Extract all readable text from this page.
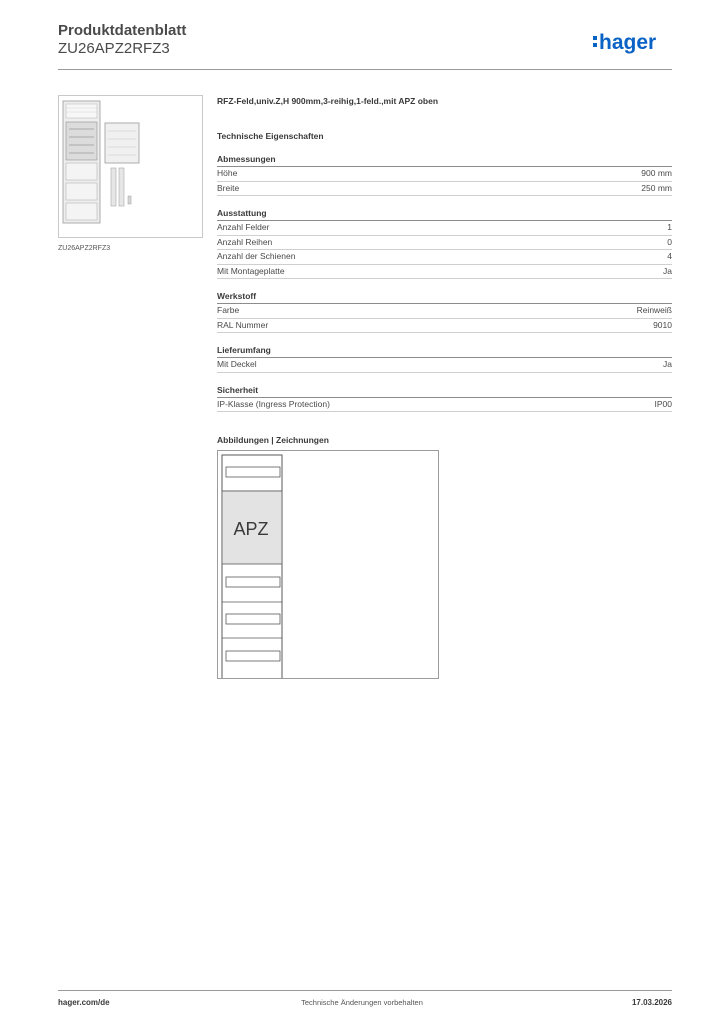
Produktdatenblatt
ZU26APZ2RFZ3	hager
ZU26APZ2RFZ3
RFZ-Feld,univ.Z,H 900mm,3-reihig,1-feld.,mit APZ oben
Technische Eigenschaften
Abmessungen
Höhe	900 mm
Breite	250 mm
Ausstattung
Anzahl Felder	1
Anzahl Reihen	0
Anzahl der Schienen	4
Mit Montageplatte	Ja
Werkstoff
Farbe	Reinweiß
RAL Nummer	9010
Lieferumfang
Mit Deckel	Ja
Sicherheit
IP-Klasse (Ingress Protection)	IP00
Abbildungen | Zeichnungen
APZ
hager.com/de	Technische Änderungen vorbehalten	17.03.2026
